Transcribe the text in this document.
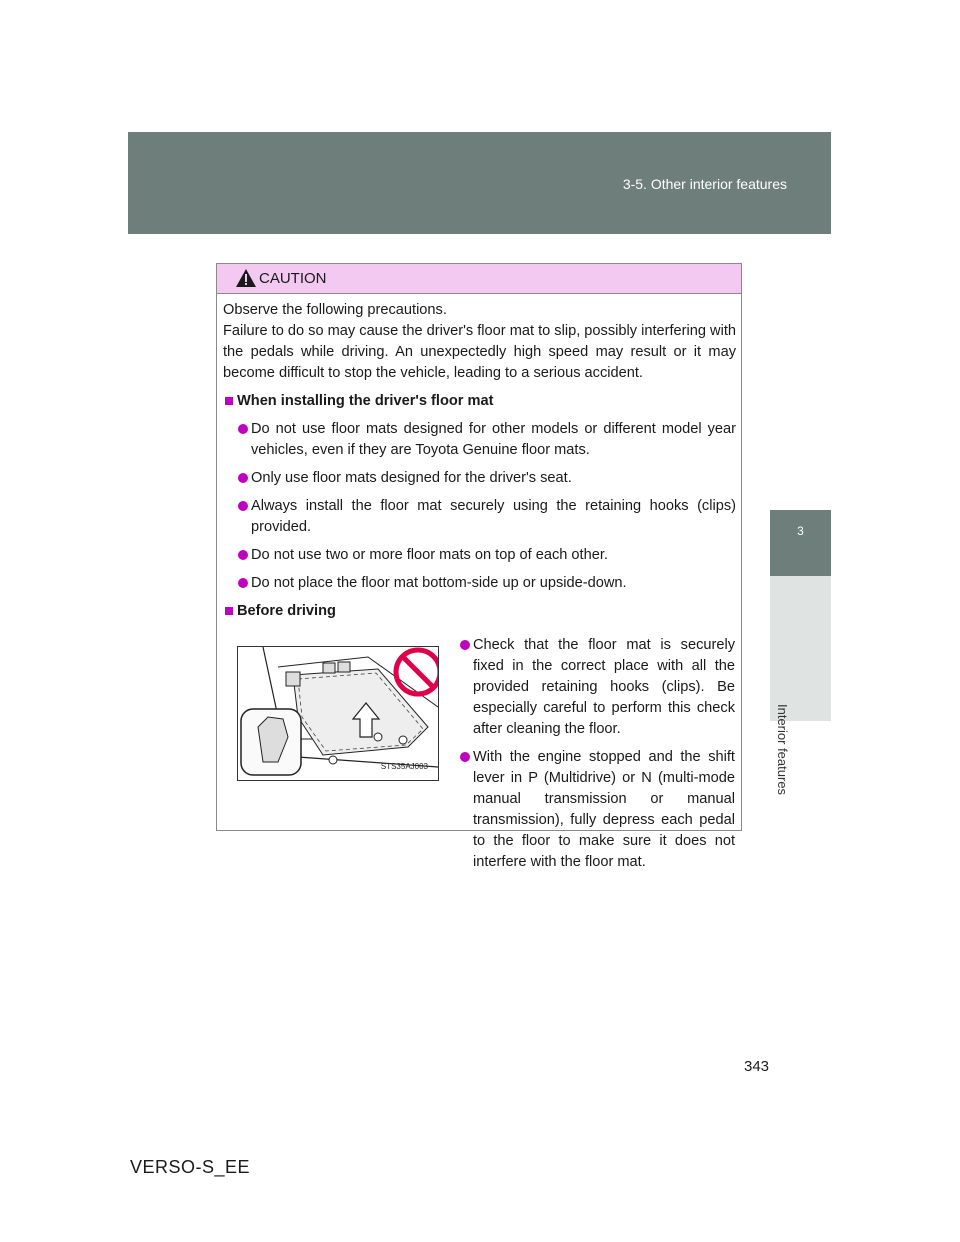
3-5. Other interior features
3
Interior features
CAUTION
Observe the following precautions.
Failure to do so may cause the driver's floor mat to slip, possibly interfering with the pedals while driving. An unexpectedly high speed may result or it may become difficult to stop the vehicle, leading to a serious accident.
When installing the driver's floor mat
Do not use floor mats designed for other models or different model year vehicles, even if they are Toyota Genuine floor mats.
Only use floor mats designed for the driver's seat.
Always install the floor mat securely using the retaining hooks (clips) provided.
Do not use two or more floor mats on top of each other.
Do not place the floor mat bottom-side up or upside-down.
Before driving
STS35AJ003
Check that the floor mat is securely fixed in the correct place with all the provided retaining hooks (clips). Be especially careful to perform this check after cleaning the floor.
With the engine stopped and the shift lever in P (Multidrive) or N (multi-mode manual transmission or manual transmission), fully depress each pedal to the floor to make sure it does not interfere with the floor mat.
343
VERSO-S_EE
